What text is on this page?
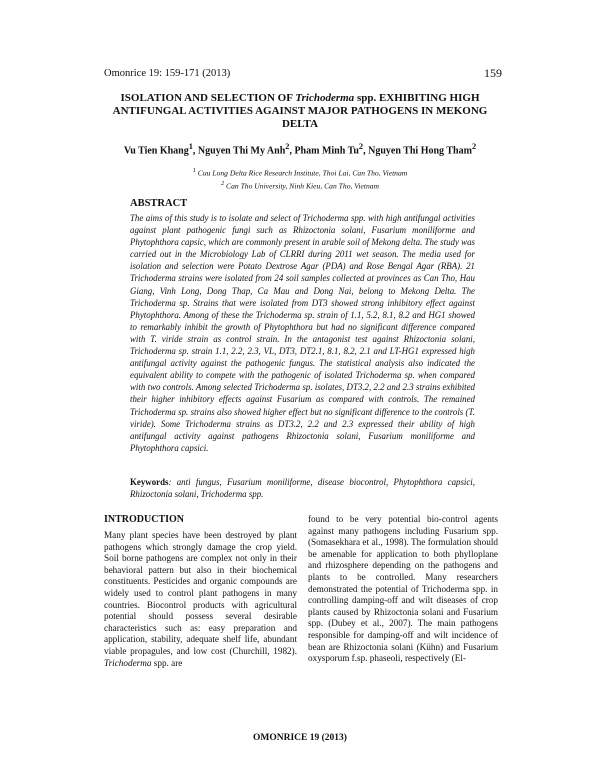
Omonrice 19: 159-171 (2013)	159
ISOLATION AND SELECTION OF Trichoderma spp. EXHIBITING HIGH ANTIFUNGAL ACTIVITIES AGAINST MAJOR PATHOGENS IN MEKONG DELTA
Vu Tien Khang$^1$, Nguyen Thi My Anh$^2$, Pham Minh Tu$^2$, Nguyen Thi Hong Tham$^2$
$^1$ Cuu Long Delta Rice Research Institute, Thoi Lai, Can Tho, Vietnam
$^2$ Can Tho University, Ninh Kieu, Can Tho, Vietnam
ABSTRACT
The aims of this study is to isolate and select of Trichoderma spp. with high antifungal activities against plant pathogenic fungi such as Rhizoctonia solani, Fusarium moniliforme and Phytophthora capsic, which are commonly present in arable soil of Mekong delta. The study was carried out in the Microbiology Lab of CLRRI during 2011 wet season. The media used for isolation and selection were Potato Dextrose Agar (PDA) and Rose Bengal Agar (RBA). 21 Trichoderma strains were isolated from 24 soil samples collected at provinces as Can Tho, Hau Giang, Vinh Long, Dong Thap, Ca Mau and Dong Nai, belong to Mekong Delta. The Trichoderma sp. Strains that were isolated from DT3 showed strong inhibitory effect against Phytophthora. Among of these the Trichoderma sp. strain of 1.1, 5.2, 8.1, 8.2 and HG1 showed to remarkably inhibit the growth of Phytophthora but had no significant difference compared with T. viride strain as control strain. In the antagonist test against Rhizoctonia solani, Trichoderma sp. strain 1.1, 2.2, 2.3, VL, DT3, DT2.1, 8.1, 8.2, 2.1 and LT-HG1 expressed high antifungal activity against the pathogenic fungus. The statistical analysis also indicated the equivalent ability to compete with the pathogenic of isolated Trichoderma sp. when compared with two controls. Among selected Trichoderma sp. isolates, DT3.2, 2.2 and 2.3 strains exhibited their higher inhibitory effects against Fusarium as compared with controls. The remained Trichoderma sp. strains also showed higher effect but no significant difference to the controls (T. viride). Some Trichoderma strains as DT3.2, 2.2 and 2.3 expressed their ability of high antifungal activity against pathogens Rhizoctonia solani, Fusarium moniliforme and Phytophthora capsici.
Keywords: anti fungus, Fusarium moniliforme, disease biocontrol, Phytophthora capsici, Rhizoctonia solani, Trichoderma spp.
INTRODUCTION
Many plant species have been destroyed by plant pathogens which strongly damage the crop yield. Soil borne pathogens are complex not only in their behavioral pattern but also in their biochemical constituents. Pesticides and organic compounds are widely used to control plant pathogens in many countries. Biocontrol products with agricultural potential should possess several desirable characteristics such as: easy preparation and application, stability, adequate shelf life, abundant viable propagules, and low cost (Churchill, 1982). Trichoderma spp. are
found to be very potential bio-control agents against many pathogens including Fusarium spp. (Somasekhara et al., 1998). The formulation should be amenable for application to both phylloplane and rhizosphere depending on the pathogens and plants to be controlled. Many researchers demonstrated the potential of Trichoderma spp. in controlling damping-off and wilt diseases of crop plants caused by Rhizoctonia solani and Fusarium spp. (Dubey et al., 2007). The main pathogens responsible for damping-off and wilt incidence of bean are Rhizoctonia solani (Kühn) and Fusarium oxysporum f.sp. phaseoli, respectively (El-
OMONRICE 19 (2013)
